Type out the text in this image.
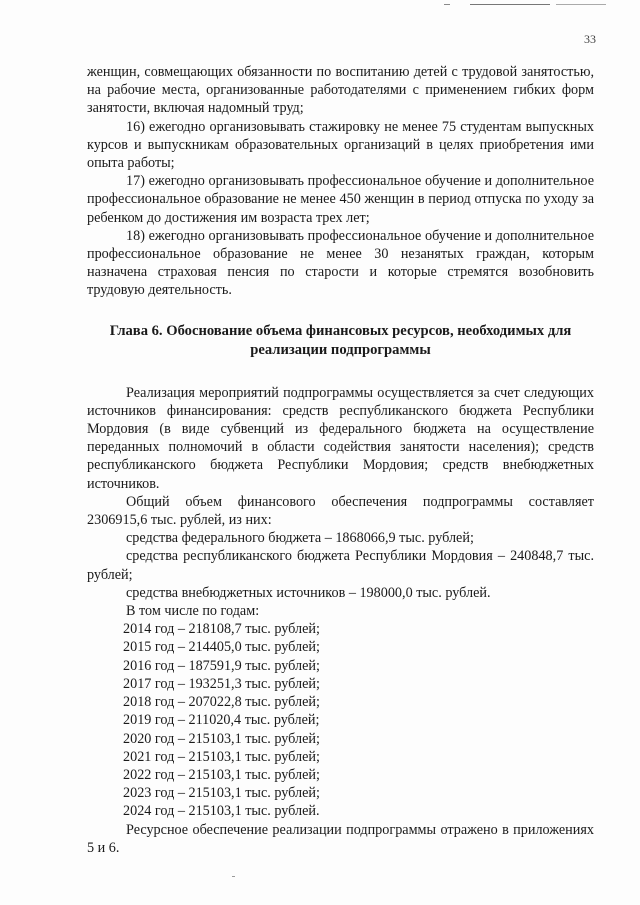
33

женщин, совмещающих обязанности по воспитанию детей с трудовой занятостью, на рабочие места, организованные работодателями с применением гибких форм занятости, включая надомный труд;

16) ежегодно организовывать стажировку не менее 75 студентам выпускных курсов и выпускникам образовательных организаций в целях приобретения ими опыта работы;

17) ежегодно организовывать профессиональное обучение и дополнительное профессиональное образование не менее 450 женщин в период отпуска по уходу за ребенком до достижения им возраста трех лет;

18) ежегодно организовывать профессиональное обучение и дополнительное профессиональное образование не менее 30 незанятых граждан, которым назначена страховая пенсия по старости и которые стремятся возобновить трудовую деятельность.

Глава 6. Обоснование объема финансовых ресурсов, необходимых для
реализации подпрограммы

Реализация мероприятий подпрограммы осуществляется за счет следующих источников финансирования: средств республиканского бюджета Республики Мордовия (в виде субвенций из федерального бюджета на осуществление переданных полномочий в области содействия занятости населения); средств республиканского бюджета Республики Мордовия; средств внебюджетных источников.

Общий объем финансового обеспечения подпрограммы составляет 2306915,6 тыс. рублей, из них:

средства федерального бюджета – 1868066,9 тыс. рублей;

средства республиканского бюджета Республики Мордовия – 240848,7 тыс. рублей;

средства внебюджетных источников – 198000,0 тыс. рублей.

В том числе по годам:

2014 год – 218108,7 тыс. рублей;

2015 год – 214405,0 тыс. рублей;

2016 год – 187591,9 тыс. рублей;

2017 год – 193251,3 тыс. рублей;

2018 год – 207022,8 тыс. рублей;

2019 год – 211020,4 тыс. рублей;

2020 год – 215103,1 тыс. рублей;

2021 год – 215103,1 тыс. рублей;

2022 год – 215103,1 тыс. рублей;

2023 год – 215103,1 тыс. рублей;

2024 год – 215103,1 тыс. рублей.

Ресурсное обеспечение реализации подпрограммы отражено в приложениях 5 и 6.
